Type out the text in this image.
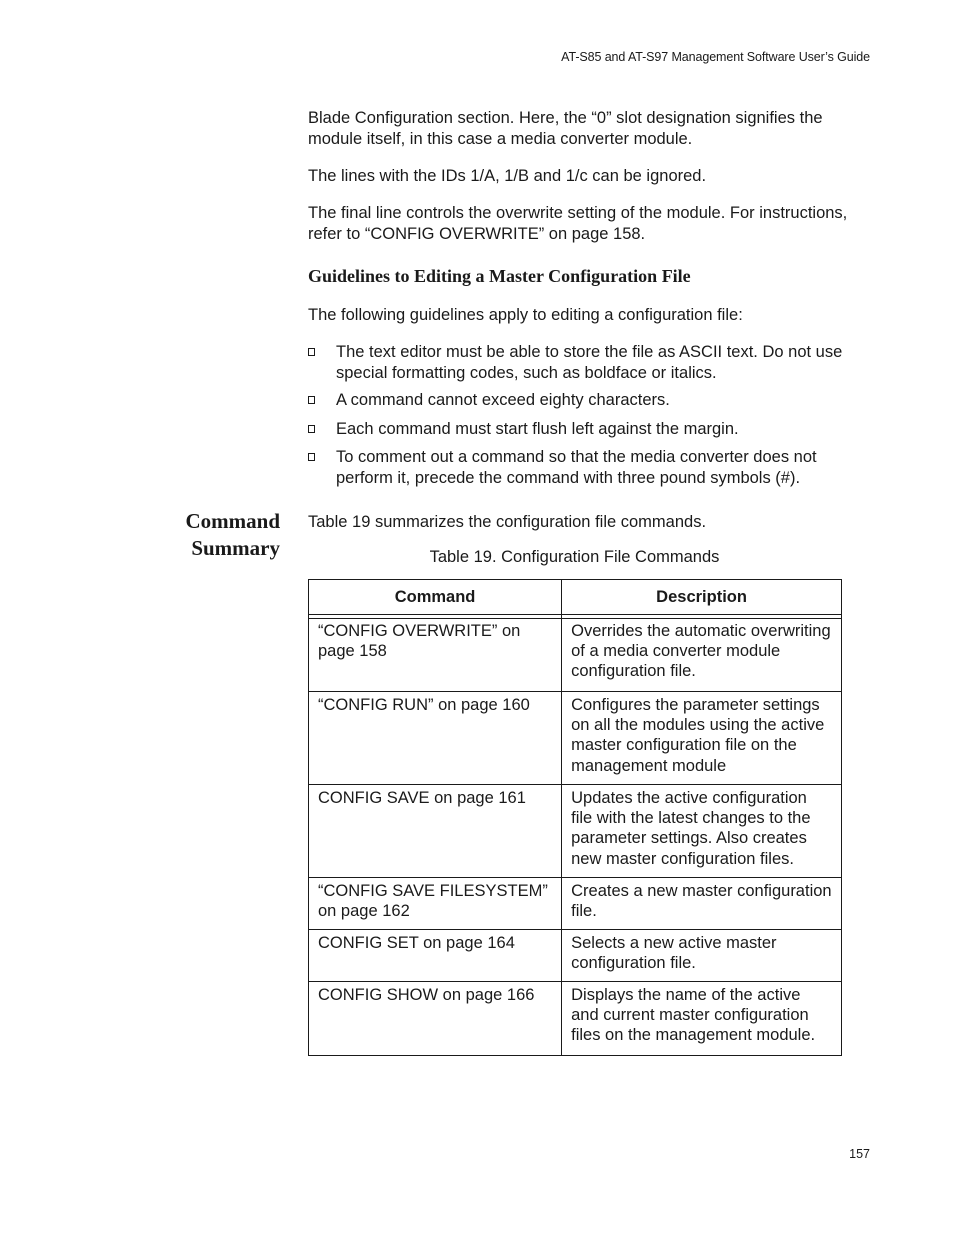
AT-S85 and AT-S97 Management Software User’s Guide

Blade Configuration section. Here, the “0” slot designation signifies the module itself, in this case a media converter module.

The lines with the IDs 1/A, 1/B and 1/c can be ignored.

The final line controls the overwrite setting of the module. For instructions, refer to “CONFIG OVERWRITE” on page 158.

Guidelines to Editing a Master Configuration File

The following guidelines apply to editing a configuration file:

The text editor must be able to store the file as ASCII text. Do not use special formatting codes, such as boldface or italics.
A command cannot exceed eighty characters.
Each command must start flush left against the margin.
To comment out a command so that the media converter does not perform it, precede the command with three pound symbols (#).

Table 19 summarizes the configuration file commands.

Command
Summary	Table 19. Configuration File Commands
Command	Description

“CONFIG OVERWRITE” on page 158	Overrides the automatic overwriting of a media converter module configuration file.
“CONFIG RUN” on page 160	Configures the parameter settings on all the modules using the active master configuration file on the management module
CONFIG SAVE on page 161	Updates the active configuration file with the latest changes to the parameter settings. Also creates new master configuration files.
“CONFIG SAVE FILESYSTEM” on page 162	Creates a new master configuration file.
CONFIG SET on page 164	Selects a new active master configuration file.
CONFIG SHOW on page 166	Displays the name of the active and current master configuration files on the management module.
157
